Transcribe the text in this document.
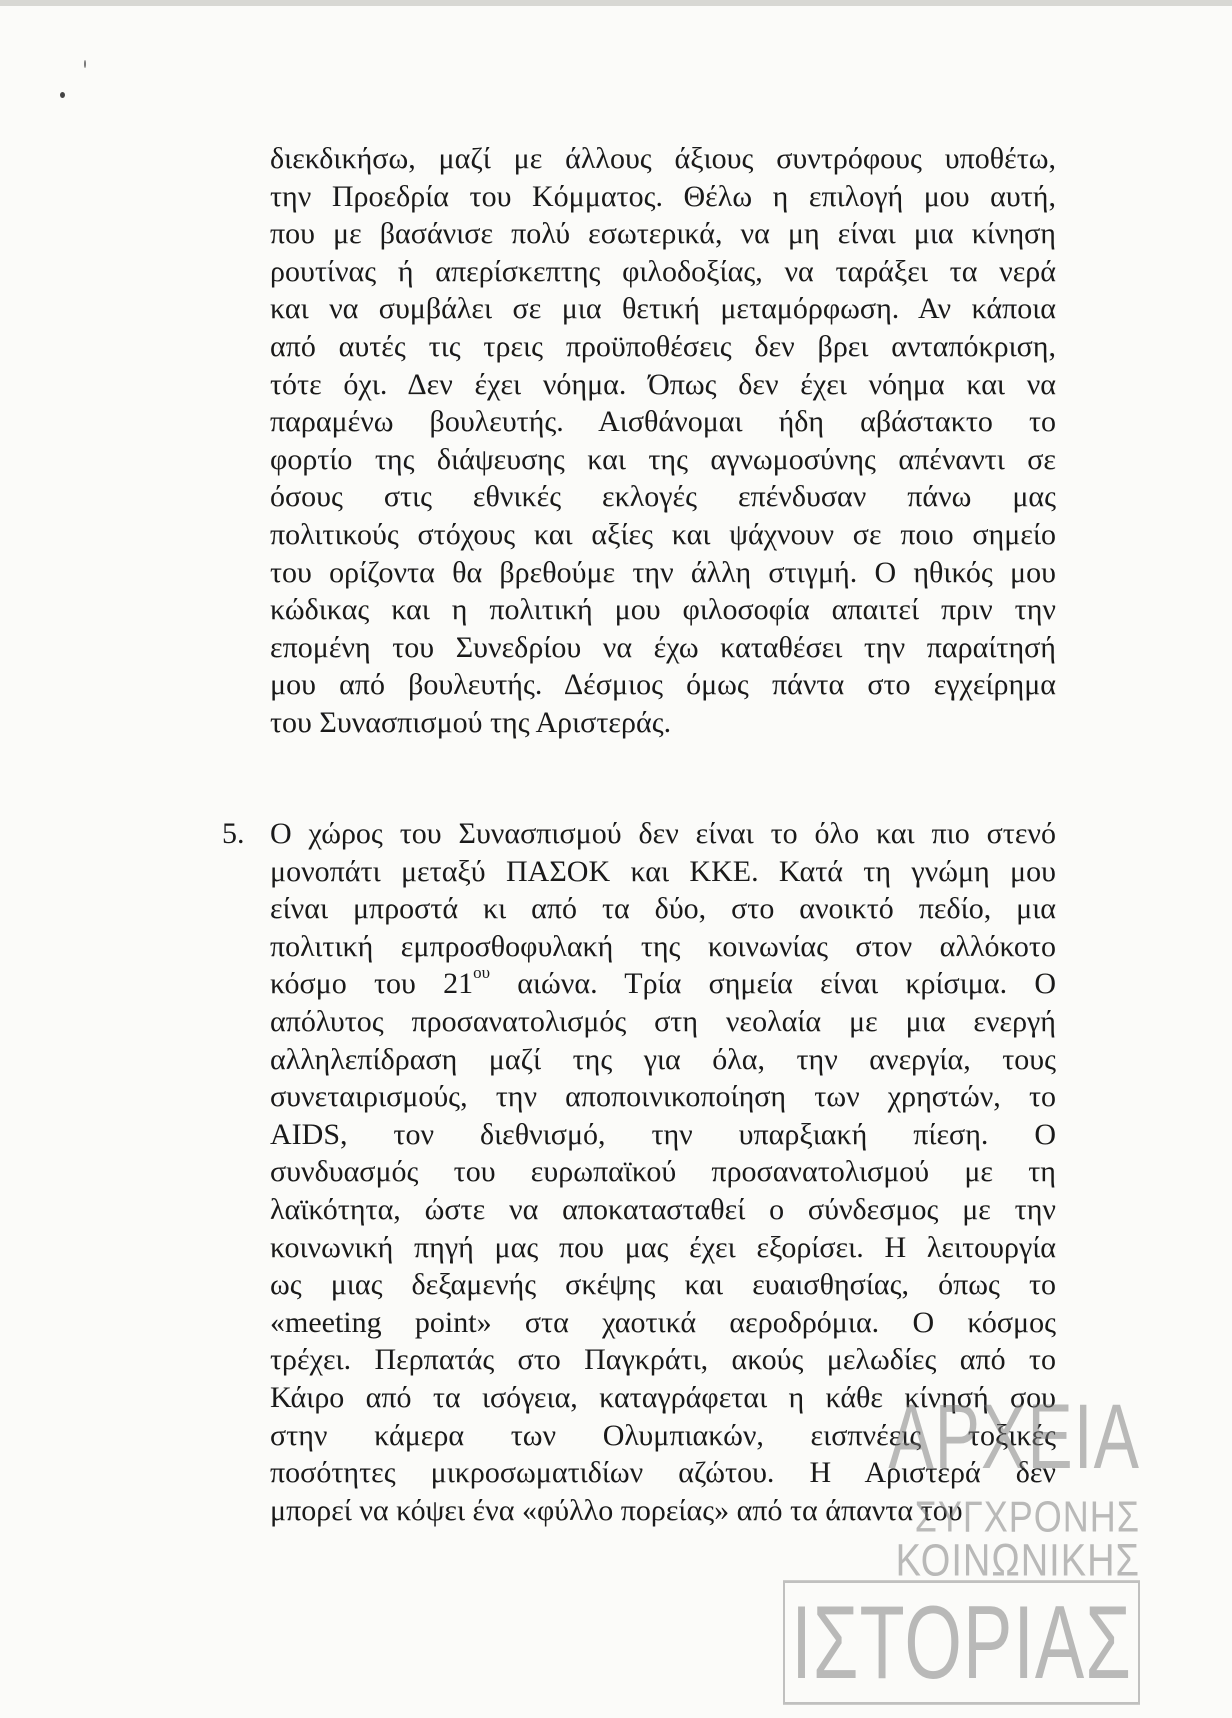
διεκδικήσω, μαζί με άλλους άξιους συντρόφους υποθέτω,
την Προεδρία του Κόμματος. Θέλω η επιλογή μου αυτή,
που με βασάνισε πολύ εσωτερικά, να μη είναι μια κίνηση
ρουτίνας ή απερίσκεπτης φιλοδοξίας, να ταράξει τα νερά
και να συμβάλει σε μια θετική μεταμόρφωση. Αν κάποια
από αυτές τις τρεις προϋποθέσεις δεν βρει ανταπόκριση,
τότε όχι. Δεν έχει νόημα. Όπως δεν έχει νόημα και να
παραμένω βουλευτής. Αισθάνομαι ήδη αβάστακτο το
φορτίο της διάψευσης και της αγνωμοσύνης απέναντι σε
όσους στις εθνικές εκλογές επένδυσαν πάνω μας
πολιτικούς στόχους και αξίες και ψάχνουν σε ποιο σημείο
του ορίζοντα θα βρεθούμε την άλλη στιγμή. Ο ηθικός μου
κώδικας και η πολιτική μου φιλοσοφία απαιτεί πριν την
επομένη του Συνεδρίου να έχω καταθέσει την παραίτησή
μου από βουλευτής. Δέσμιος όμως πάντα στο εγχείρημα
του Συνασπισμού της Αριστεράς.
5. Ο χώρος του Συνασπισμού δεν είναι το όλο και πιο στενό
μονοπάτι μεταξύ ΠΑΣΟΚ και ΚΚΕ. Κατά τη γνώμη μου
είναι μπροστά κι από τα δύο, στο ανοικτό πεδίο, μια
πολιτική εμπροσθοφυλακή της κοινωνίας στον αλλόκοτο
κόσμο του $21^{o\upsilon}$ αιώνα. Τρία σημεία είναι κρίσιμα. Ο
απόλυτος προσανατολισμός στη νεολαία με μια ενεργή
αλληλεπίδραση μαζί της για όλα, την ανεργία, τους
συνεταιρισμούς, την αποποινικοποίηση των χρηστών, το
AIDS, τον διεθνισμό, την υπαρξιακή πίεση. Ο
συνδυασμός του ευρωπαϊκού προσανατολισμού με τη
λαϊκότητα, ώστε να αποκατασταθεί ο σύνδεσμος με την
κοινωνική πηγή μας που μας έχει εξορίσει. Η λειτουργία
ως μιας δεξαμενής σκέψης και ευαισθησίας, όπως το
«meeting point» στα χαοτικά αεροδρόμια. Ο κόσμος
τρέχει. Περπατάς στο Παγκράτι, ακούς μελωδίες από το
Κάιρο από τα ισόγεια, καταγράφεται η κάθε κίνησή σου
στην κάμερα των Ολυμπιακών, εισπνέεις τοξικές
ποσότητες μικροσωματιδίων αζώτου. Η Αριστερά δεν
μπορεί να κόψει ένα «φύλλο πορείας» από τα άπαντα του
ΑΡΧΕΙΑ
ΣΥΓΧΡΟΝΗΣ
ΚΟΙΝΩΝΙΚΗΣ
ΙΣΤΟΡΙΑΣ
